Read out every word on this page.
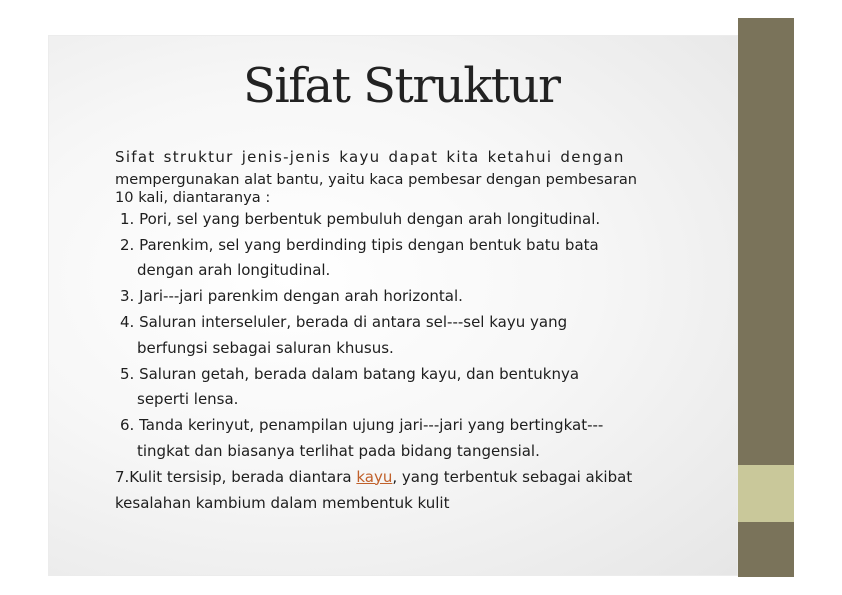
Sifat Struktur
Sifat struktur jenis-jenis kayu dapat kita ketahui dengan
mempergunakan alat bantu, yaitu kaca pembesar dengan pembesaran
10 kali, diantaranya :
1. Pori, sel yang berbentuk pembuluh dengan arah longitudinal.
2. Parenkim, sel yang berdinding tipis dengan bentuk batu bata
dengan arah longitudinal.
3. Jari---jari parenkim dengan arah horizontal.
4. Saluran interseluler, berada di antara sel---sel kayu yang
berfungsi sebagai saluran khusus.
5. Saluran getah, berada dalam batang kayu, dan bentuknya
seperti lensa.
6. Tanda kerinyut, penampilan ujung jari---jari yang bertingkat---
tingkat dan biasanya terlihat pada bidang tangensial.
7.Kulit tersisip, berada diantara kayu, yang terbentuk sebagai akibat
kesalahan kambium dalam membentuk kulit
